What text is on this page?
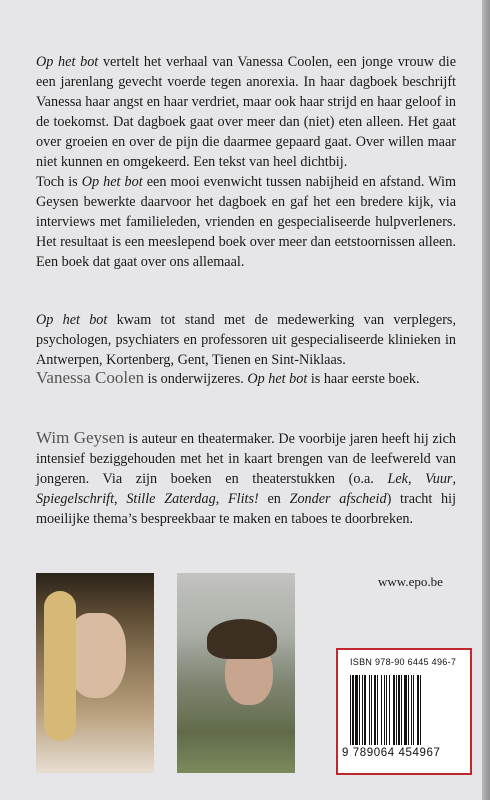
Op het bot vertelt het verhaal van Vanessa Coolen, een jonge vrouw die een jarenlang gevecht voerde tegen anorexia. In haar dagboek beschrijft Vanessa haar angst en haar verdriet, maar ook haar strijd en haar geloof in de toekomst. Dat dagboek gaat over meer dan (niet) eten alleen. Het gaat over groeien en over de pijn die daarmee gepaard gaat. Over willen maar niet kunnen en omgekeerd. Een tekst van heel dichtbij.

Toch is Op het bot een mooi evenwicht tussen nabijheid en afstand. Wim Geysen bewerkte daarvoor het dagboek en gaf het een bredere kijk, via interviews met familieleden, vrienden en gespecialiseerde hulpverleners. Het resultaat is een meeslepend boek over meer dan eetstoornissen alleen. Een boek dat gaat over ons allemaal.

Op het bot kwam tot stand met de medewerking van verplegers, psychologen, psychiaters en professoren uit gespecialiseerde klinieken in Antwerpen, Kortenberg, Gent, Tienen en Sint-Niklaas.

Vanessa Coolen is onderwijzeres. Op het bot is haar eerste boek.

Wim Geysen is auteur en theatermaker. De voorbije jaren heeft hij zich intensief beziggehouden met het in kaart brengen van de leefwereld van jongeren. Via zijn boeken en theaterstukken (o.a. Lek, Vuur, Spiegelschrift, Stille Zaterdag, Flits! en Zonder afscheid) tracht hij moeilijke thema’s bespreekbaar te maken en taboes te doorbreken.

www.epo.be
ISBN 978-90 6445 496-7
9 789064 454967
